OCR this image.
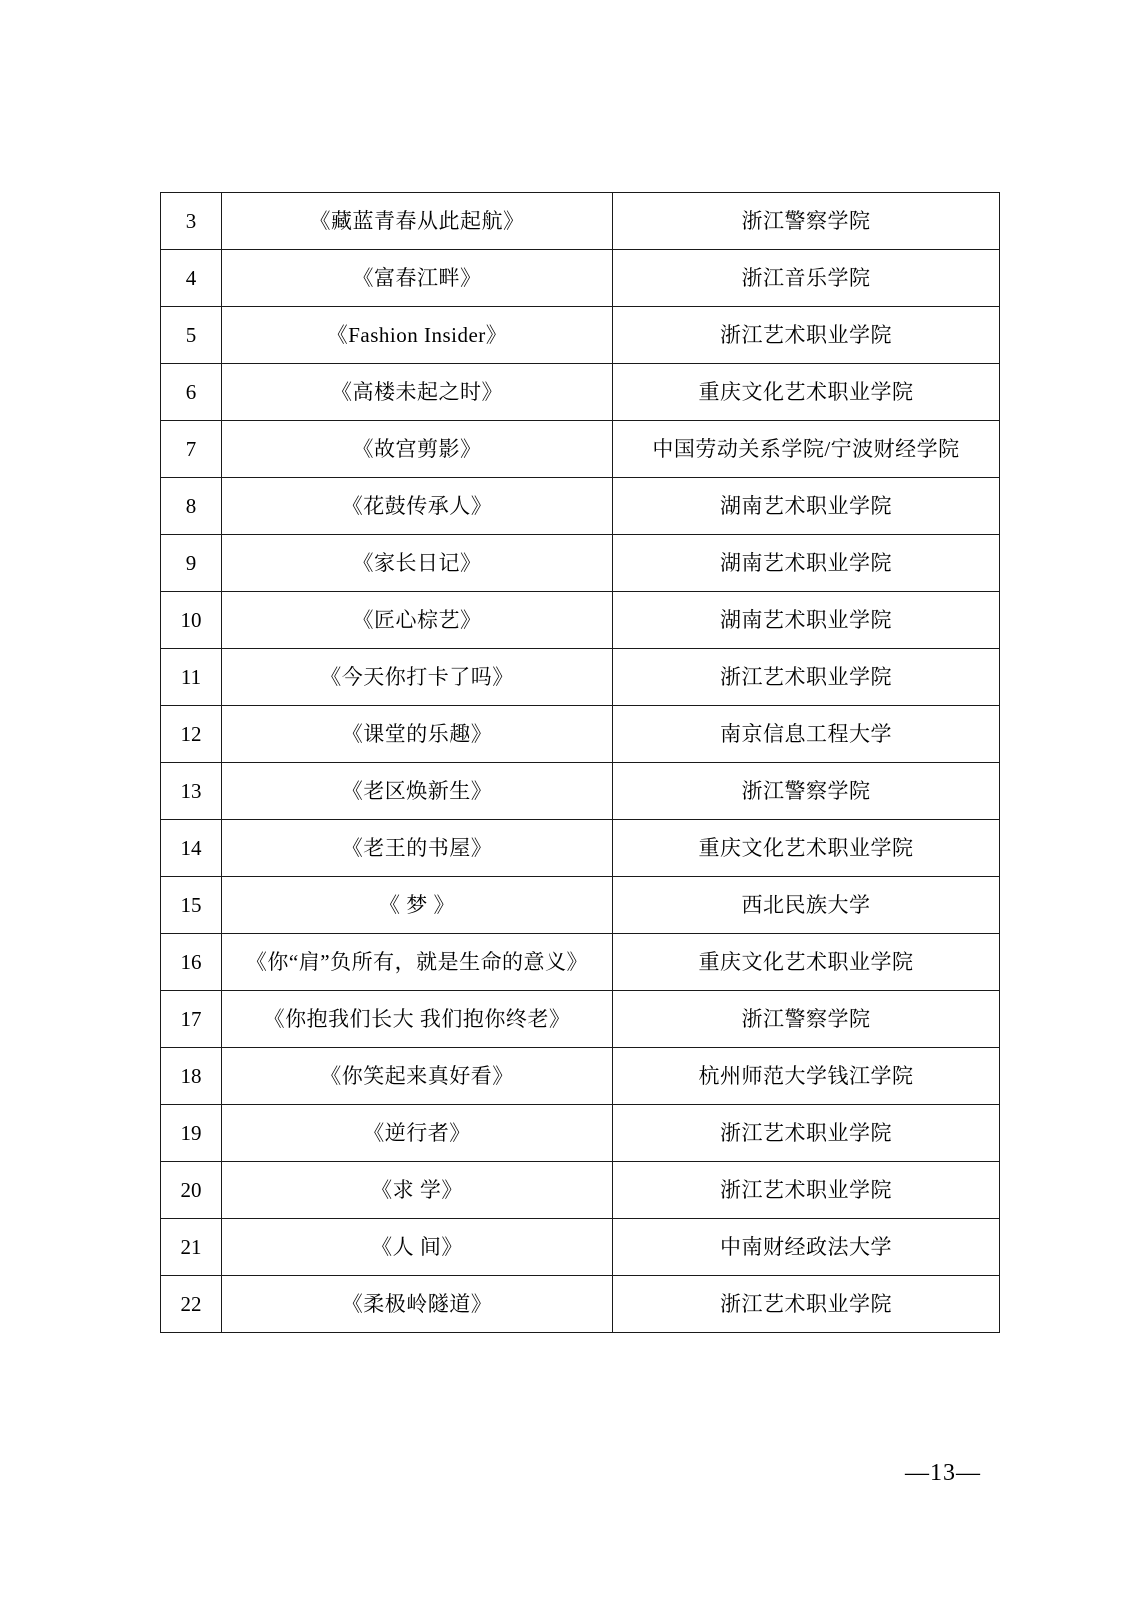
3	《藏蓝青春从此起航》	浙江警察学院
4	《富春江畔》	浙江音乐学院
5	《Fashion Insider》	浙江艺术职业学院
6	《高楼未起之时》	重庆文化艺术职业学院
7	《故宫剪影》	中国劳动关系学院/宁波财经学院
8	《花鼓传承人》	湖南艺术职业学院
9	《家长日记》	湖南艺术职业学院
10	《匠心棕艺》	湖南艺术职业学院
11	《今天你打卡了吗》	浙江艺术职业学院
12	《课堂的乐趣》	南京信息工程大学
13	《老区焕新生》	浙江警察学院
14	《老王的书屋》	重庆文化艺术职业学院
15	《 梦 》	西北民族大学
16	《你“肩”负所有，就是生命的意义》	重庆文化艺术职业学院
17	《你抱我们长大 我们抱你终老》	浙江警察学院
18	《你笑起来真好看》	杭州师范大学钱江学院
19	《逆行者》	浙江艺术职业学院
20	《求 学》	浙江艺术职业学院
21	《人 间》	中南财经政法大学
22	《柔极岭隧道》	浙江艺术职业学院
—13—
